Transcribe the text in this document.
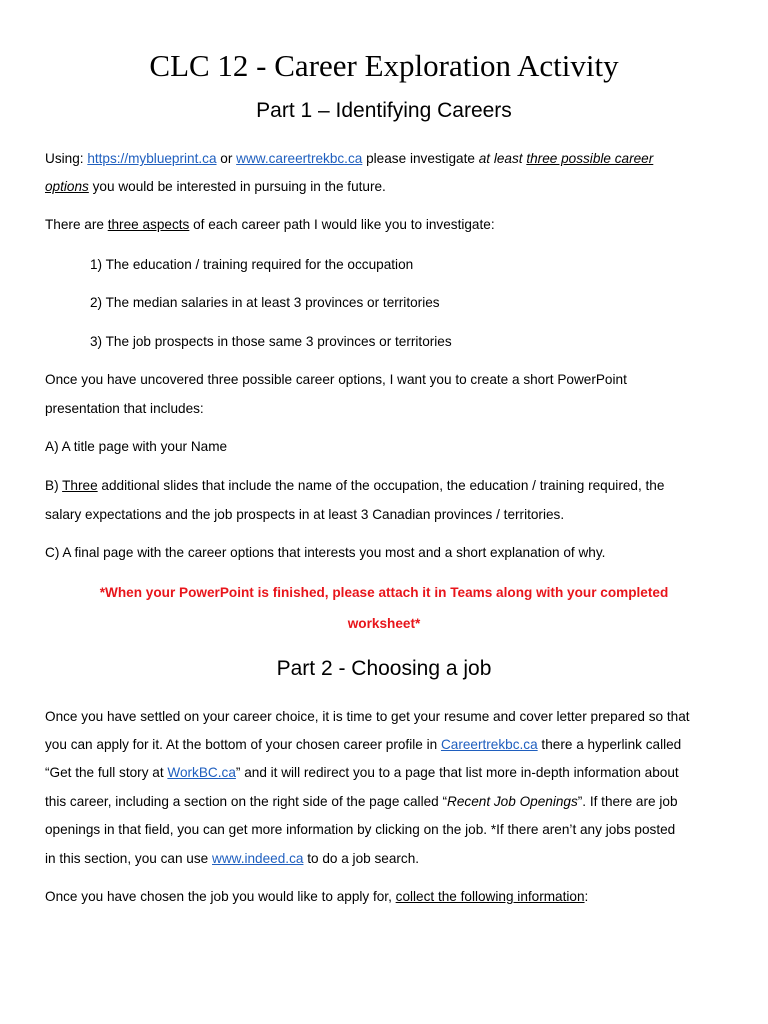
CLC 12 - Career Exploration Activity
Part 1 – Identifying Careers
Using: https://myblueprint.ca or www.careertrekbc.ca please investigate at least three possible career
options you would be interested in pursuing in the future.
There are three aspects of each career path I would like you to investigate:
1) The education / training required for the occupation
2) The median salaries in at least 3 provinces or territories
3) The job prospects in those same 3 provinces or territories
Once you have uncovered three possible career options, I want you to create a short PowerPoint
presentation that includes:
A) A title page with your Name
B) Three additional slides that include the name of the occupation, the education / training required, the
salary expectations and the job prospects in at least 3 Canadian provinces / territories.
C) A final page with the career options that interests you most and a short explanation of why.
*When your PowerPoint is finished, please attach it in Teams along with your completed
worksheet*
Part 2 - Choosing a job
Once you have settled on your career choice, it is time to get your resume and cover letter prepared so that
you can apply for it. At the bottom of your chosen career profile in Careertrekbc.ca there a hyperlink called
“Get the full story at WorkBC.ca” and it will redirect you to a page that list more in-depth information about
this career, including a section on the right side of the page called “Recent Job Openings”. If there are job
openings in that field, you can get more information by clicking on the job. *If there aren’t any jobs posted
in this section, you can use www.indeed.ca to do a job search.
Once you have chosen the job you would like to apply for, collect the following information:
